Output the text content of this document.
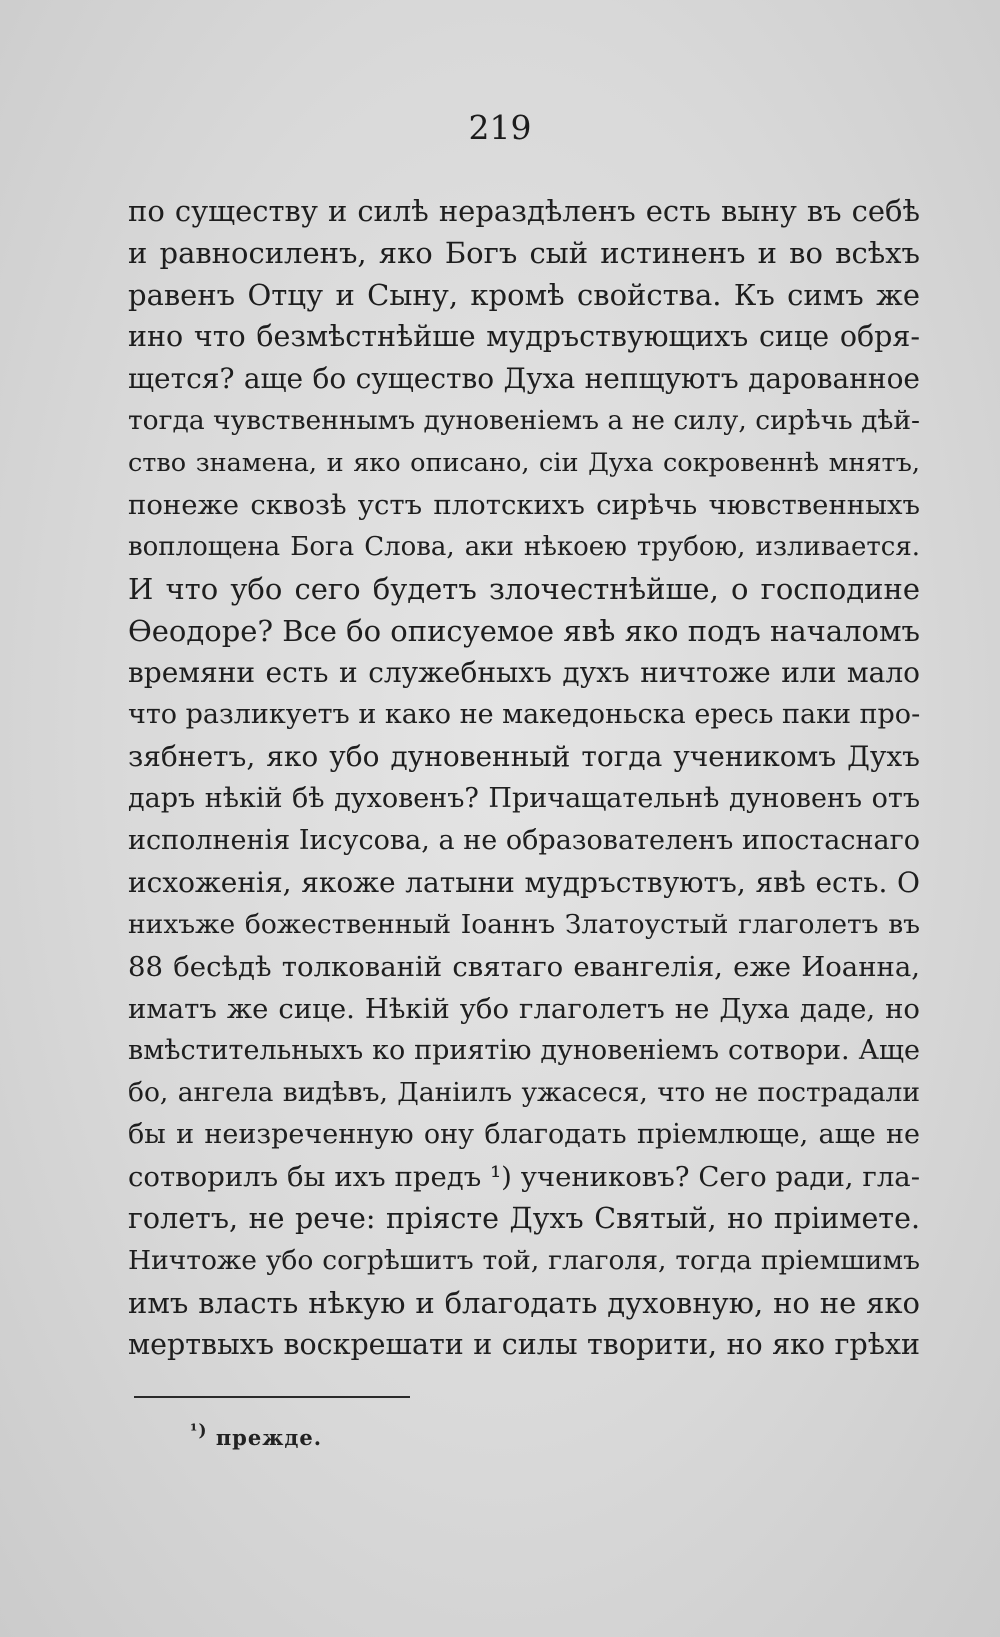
219
по существу и силѣ нераздѣленъ есть выну въ себѣ
и равносиленъ, яко Богъ сый истиненъ и во всѣхъ
равенъ Отцу и Сыну, кромѣ свойства. Къ симъ же
ино что безмѣстнѣйше мудръствующихъ сице обря-
щется? аще бо существо Духа непщуютъ дарованное
тогда чувственнымъ дуновеніемъ а не силу, сирѣчь дѣй-
ство знамена, и яко описано, сіи Духа сокровеннѣ мнятъ,
понеже сквозѣ устъ плотскихъ сирѣчь чювственныхъ
воплощена Бога Слова, аки нѣкоею трубою, изливается.
И что убо сего будетъ злочестнѣйше, о господине
Ѳеодоре? Все бо описуемое явѣ яко подъ началомъ
времяни есть и служебныхъ духъ ничтоже или мало
что разликуетъ и како не македоньска ересь паки про-
зябнетъ, яко убо дуновенный тогда ученикомъ Духъ
даръ нѣкій бѣ духовенъ? Причащательнѣ дуновенъ отъ
исполненія Іисусова, а не образователенъ ипостаснаго
исхоженія, якоже латыни мудръствуютъ, явѣ есть. О
нихъже божественный Іоаннъ Златоустый глаголетъ въ
88 бесѣдѣ толкованій святаго евангелія, еже Иоанна,
иматъ же сице. Нѣкій убо глаголетъ не Духа даде, но
вмѣстительныхъ ко приятію дуновеніемъ сотвори. Аще
бо, ангела видѣвъ, Даніилъ ужасеся, что не пострадали
бы и неизреченную ону благодать пріемлюще, аще не
сотворилъ бы ихъ предъ ¹) учениковъ? Сего ради, гла-
голетъ, не рече: пріясте Духъ Святый, но пріимете.
Ничтоже убо согрѣшитъ той, глаголя, тогда пріемшимъ
имъ власть нѣкую и благодать духовную, но не яко
мертвыхъ воскрешати и силы творити, но яко грѣхи
$^{^1)}$ прежде.
